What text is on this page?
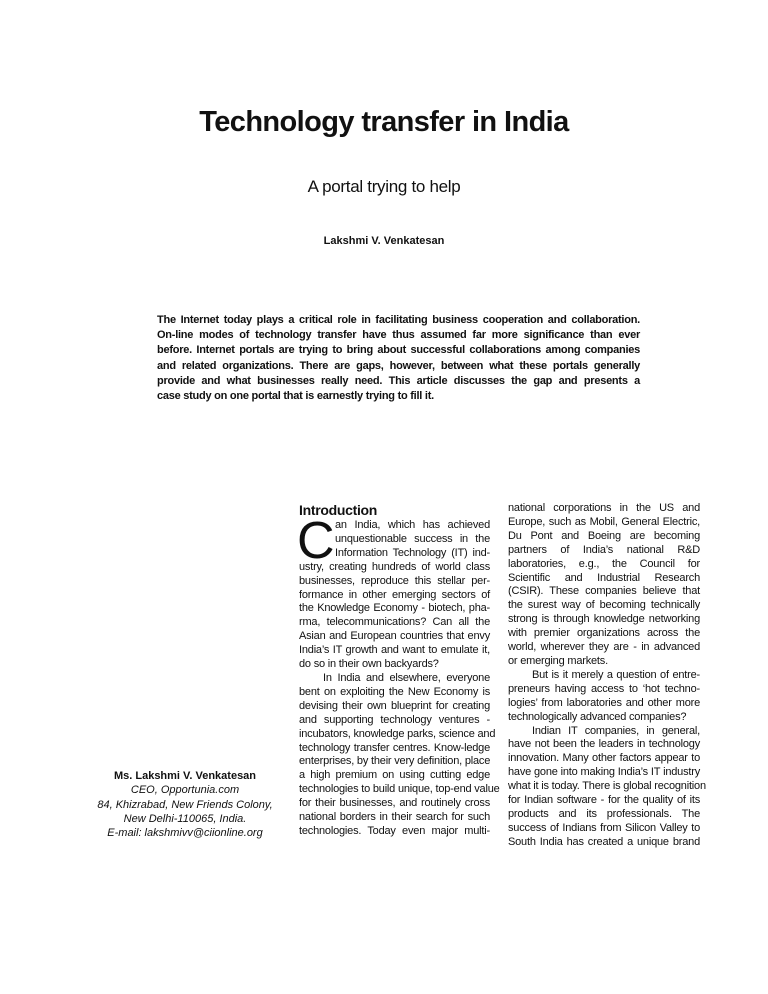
Technology transfer in India
A portal trying to help
Lakshmi V. Venkatesan
The Internet today plays a critical role in facilitating business cooperation and collaboration.
On-line modes of technology transfer have thus assumed far more significance than ever
before. Internet portals are trying to bring about successful collaborations among companies
and related organizations. There are gaps, however, between what these portals generally
provide and what businesses really need. This article discusses the gap and presents a
case study on one portal that is earnestly trying to fill it.
Ms. Lakshmi V. Venkatesan
CEO, Opportunia.com
84, Khizrabad, New Friends Colony,
New Delhi-110065, India.
E-mail: lakshmivv@ciionline.org
Introduction
C an India, which has achieved
unquestionable success in the
Information Technology (IT) ind-
ustry, creating hundreds of world class
businesses, reproduce this stellar per-
formance in other emerging sectors of
the Knowledge Economy - biotech, pha-
rma, telecommunications? Can all the
Asian and European countries that envy
India’s IT growth and want to emulate it,
do so in their own backyards?
In India and elsewhere, everyone
bent on exploiting the New Economy is
devising their own blueprint for creating
and supporting technology ventures -
incubators, knowledge parks, science and
technology transfer centres. Know-ledge
enterprises, by their very definition, place
a high premium on using cutting edge
technologies to build unique, top-end value
for their businesses, and routinely cross
national borders in their search for such
technologies. Today even major multi-
national corporations in the US and
Europe, such as Mobil, General Electric,
Du Pont and Boeing are becoming
partners of India’s national R&D
laboratories, e.g., the Council for
Scientific and Industrial Research
(CSIR). These companies believe that
the surest way of becoming technically
strong is through knowledge networking
with premier organizations across the
world, wherever they are - in advanced
or emerging markets.
But is it merely a question of entre-
preneurs having access to ‘hot techno-
logies’ from laboratories and other more
technologically advanced companies?
Indian IT companies, in general,
have not been the leaders in technology
innovation. Many other factors appear to
have gone into making India’s IT industry
what it is today. There is global recognition
for Indian software - for the quality of its
products and its professionals. The
success of Indians from Silicon Valley to
South India has created a unique brand
